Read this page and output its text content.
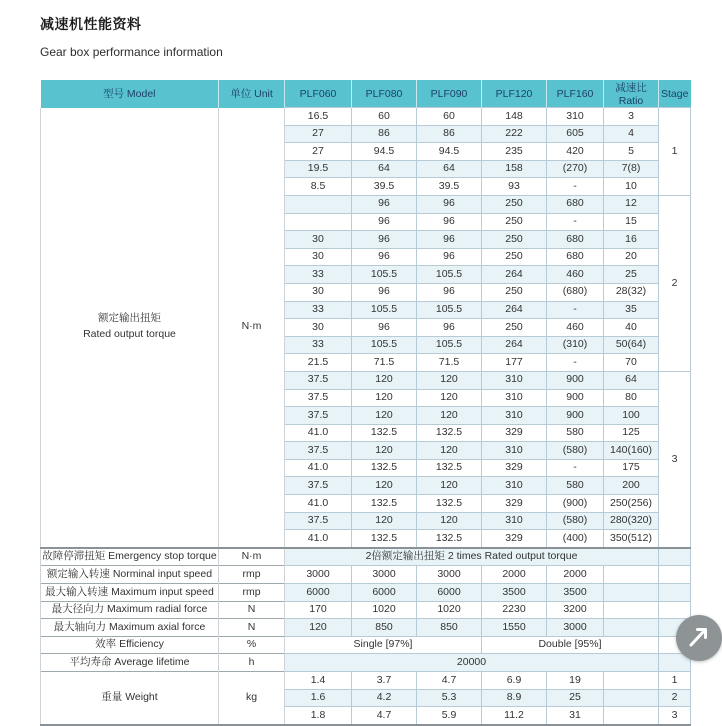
减速机性能资料
Gear box performance information
型号 Model	单位 Unit	PLF060	PLF080	PLF090	PLF120	PLF160	减速比 Ratio	Stage

额定输出扭矩
Rated output torque	N·m	16.5	60	60	148	310	3	1
		27	86	86	222	605	4	
		27	94.5	94.5	235	420	5	
		19.5	64	64	158	(270)	7(8)	
		8.5	39.5	39.5	93	-	10	
			96	96	250	680	12	2
			96	96	250	-	15	
		30	96	96	250	680	16	
		30	96	96	250	680	20	
		33	105.5	105.5	264	460	25	
		30	96	96	250	(680)	28(32)	
		33	105.5	105.5	264	-	35	
		30	96	96	250	460	40	
		33	105.5	105.5	264	(310)	50(64)	
		21.5	71.5	71.5	177	-	70	
		37.5	120	120	310	900	64	3
		37.5	120	120	310	900	80	
		37.5	120	120	310	900	100	
		41.0	132.5	132.5	329	580	125	
		37.5	120	120	310	(580)	140(160)	
		41.0	132.5	132.5	329	-	175	
		37.5	120	120	310	580	200	
		41.0	132.5	132.5	329	(900)	250(256)	
		37.5	120	120	310	(580)	280(320)	
		41.0	132.5	132.5	329	(400)	350(512)	
故障停滞扭矩 Emergency stop torque	N·m	2倍额定输出扭矩 2 times Rated output torque						
额定输入转速 Norminal input speed	rmp	3000	3000	3000	2000	2000		
最大输入转速 Maximum input speed	rmp	6000	6000	6000	3500	3500		
最大径向力 Maximum radial force	N	170	1020	1020	2230	3200		
最大轴向力 Maximum axial force	N	120	850	850	1550	3000		
效率 Efficiency	%	Single [97%]			Double [95%]			
平均寿命 Average lifetime	h	20000						
重量 Weight	kg	1.4	3.7	4.7	6.9	19		1
		1.6	4.2	5.3	8.9	25		2
		1.8	4.7	5.9	11.2	31		3
